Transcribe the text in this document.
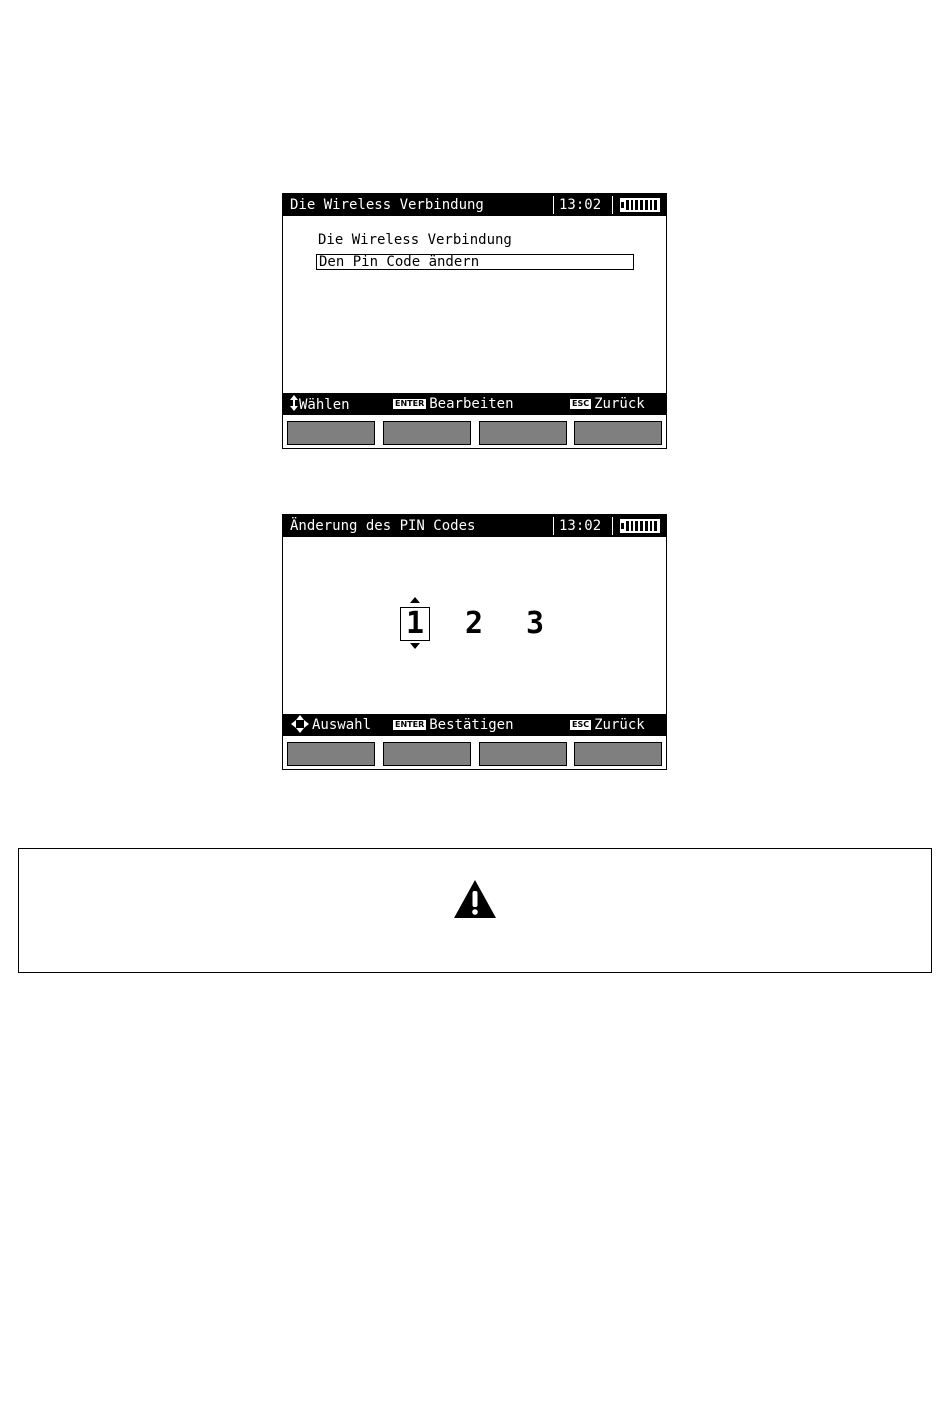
Die Wireless Verbindung	13:02
Die Wireless Verbindung
Den Pin Code ändern
Wählen	ENTER Bearbeiten	ESC Zurück
Änderung des PIN Codes	13:02
1 2 3
Auswahl	ENTER Bestätigen	ESC Zurück
